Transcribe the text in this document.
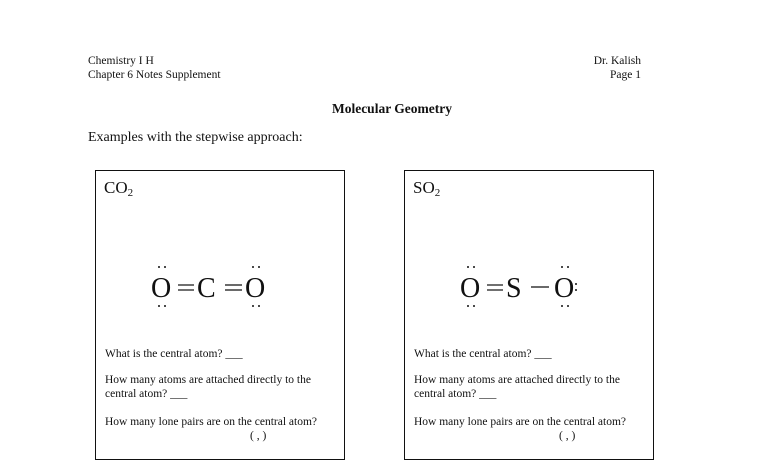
Chemistry I H
Chapter 6 Notes Supplement
Dr. Kalish
Page 1
Molecular Geometry
Examples with the stepwise approach:
$CO_2$
O C O
What is the central atom? ___
How many atoms are attached directly to the central atom? ___
How many lone pairs are on the central atom?
( , )
$SO_2$
O S O
What is the central atom? ___
How many atoms are attached directly to the central atom? ___
How many lone pairs are on the central atom?
( , )
